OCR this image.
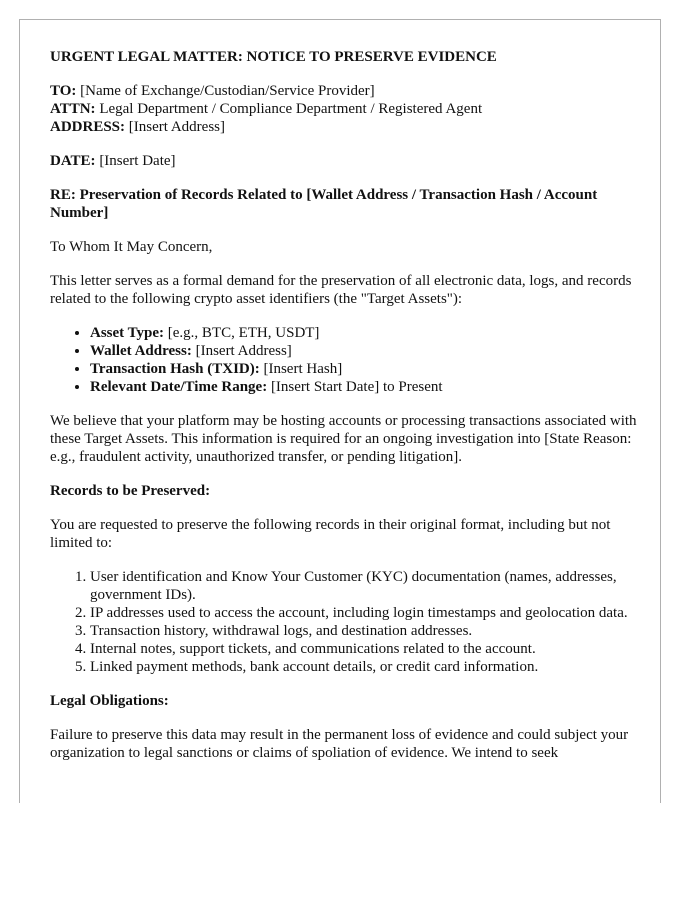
URGENT LEGAL MATTER: NOTICE TO PRESERVE EVIDENCE

TO: [Name of Exchange/Custodian/Service Provider]

ATTN: Legal Department / Compliance Department / Registered Agent

ADDRESS: [Insert Address]

DATE: [Insert Date]

RE: Preservation of Records Related to [Wallet Address / Transaction Hash / Account Number]

To Whom It May Concern,

This letter serves as a formal demand for the preservation of all electronic data, logs, and records related to the following crypto asset identifiers (the "Target Assets"):

• Asset Type: [e.g., BTC, ETH, USDT]
• Wallet Address: [Insert Address]
• Transaction Hash (TXID): [Insert Hash]
• Relevant Date/Time Range: [Insert Start Date] to Present

We believe that your platform may be hosting accounts or processing transactions associated with these Target Assets. This information is required for an ongoing investigation into [State Reason: e.g., fraudulent activity, unauthorized transfer, or pending litigation].

Records to be Preserved:

You are requested to preserve the following records in their original format, including but not limited to:

1. User identification and Know Your Customer (KYC) documentation (names, addresses, government IDs).
2. IP addresses used to access the account, including login timestamps and geolocation data.
3. Transaction history, withdrawal logs, and destination addresses.
4. Internal notes, support tickets, and communications related to the account.
5. Linked payment methods, bank account details, or credit card information.

Legal Obligations:

Failure to preserve this data may result in the permanent loss of evidence and could subject your organization to legal sanctions or claims of spoliation of evidence. We intend to seek
